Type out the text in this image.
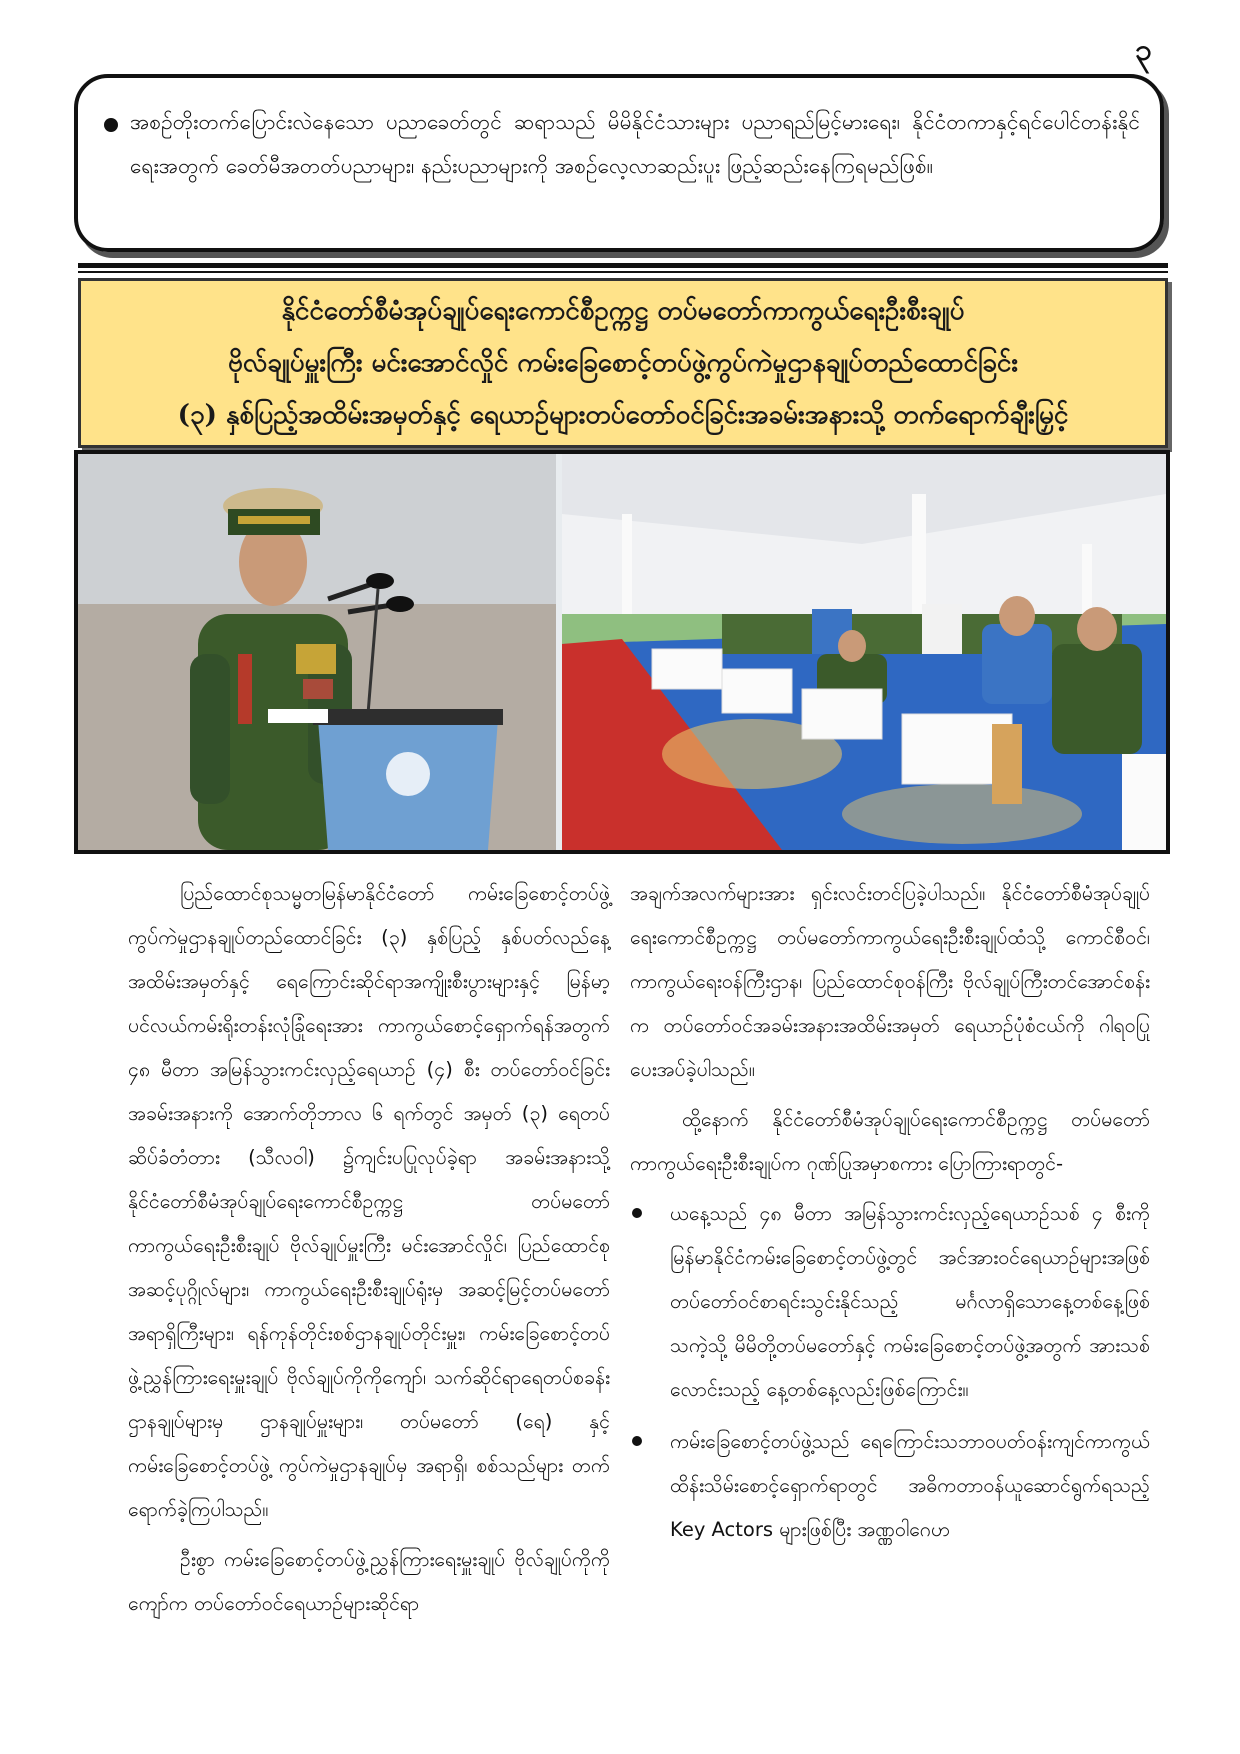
၃
အစဉ်တိုးတက်ပြောင်းလဲနေသော ပညာခေတ်တွင် ဆရာသည် မိမိနိုင်ငံသားများ ပညာရည်မြင့်မားရေး၊ နိုင်ငံတကာနှင့်ရင်ပေါင်တန်းနိုင်ရေးအတွက် ခေတ်မီအတတ်ပညာများ၊ နည်းပညာများကို အစဉ်လေ့လာဆည်းပူး ဖြည့်ဆည်းနေကြရမည်ဖြစ်။
နိုင်ငံတော်စီမံအုပ်ချုပ်ရေးကောင်စီဥက္ကဋ္ဌ တပ်မတော်ကာကွယ်ရေးဦးစီးချုပ်
ဗိုလ်ချုပ်မှူးကြီး မင်းအောင်လှိုင် ကမ်းခြေစောင့်တပ်ဖွဲ့ကွပ်ကဲမှုဌာနချုပ်တည်ထောင်ခြင်း
(၃) နှစ်ပြည့်အထိမ်းအမှတ်နှင့် ရေယာဉ်များတပ်တော်ဝင်ခြင်းအခမ်းအနားသို့ တက်ရောက်ချီးမြှင့်

ပြည်ထောင်စုသမ္မတမြန်မာနိုင်ငံတော် ကမ်းခြေစောင့်တပ်ဖွဲ့ကွပ်ကဲမှုဌာနချုပ်တည်ထောင်ခြင်း (၃) နှစ်ပြည့် နှစ်ပတ်လည်နေ့အထိမ်းအမှတ်နှင့် ရေကြောင်းဆိုင်ရာအကျိုးစီးပွားများနှင့် မြန်မာ့ပင်လယ်ကမ်းရိုးတန်းလုံခြုံရေးအား ကာကွယ်စောင့်ရှောက်ရန်အတွက် ၄၈ မီတာ အမြန်သွားကင်းလှည့်ရေယာဉ် (၄) စီး တပ်တော်ဝင်ခြင်းအခမ်းအနားကို အောက်တိုဘာလ ၆ ရက်တွင် အမှတ် (၃) ရေတပ်ဆိပ်ခံတံတား (သီလဝါ) ၌ကျင်းပပြုလုပ်ခဲ့ရာ အခမ်းအနားသို့ နိုင်ငံတော်စီမံအုပ်ချုပ်ရေးကောင်စီဥက္ကဋ္ဌ တပ်မတော်ကာကွယ်ရေးဦးစီးချုပ် ဗိုလ်ချုပ်မှူးကြီး မင်းအောင်လှိုင်၊ ပြည်ထောင်စုအဆင့်ပုဂ္ဂိုလ်များ၊ ကာကွယ်ရေးဦးစီးချုပ်ရုံးမှ အဆင့်မြင့်တပ်မတော်အရာရှိကြီးများ၊ ရန်ကုန်တိုင်းစစ်ဌာနချုပ်တိုင်းမှူး၊ ကမ်းခြေစောင့်တပ်ဖွဲ့ညွှန်ကြားရေးမှူးချုပ် ဗိုလ်ချုပ်ကိုကိုကျော်၊ သက်ဆိုင်ရာရေတပ်စခန်းဌာနချုပ်များမှ ဌာနချုပ်မှူးများ၊ တပ်မတော် (ရေ) နှင့် ကမ်းခြေစောင့်တပ်ဖွဲ့ ကွပ်ကဲမှုဌာနချုပ်မှ အရာရှိ၊ စစ်သည်များ တက်ရောက်ခဲ့ကြပါသည်။

ဦးစွာ ကမ်းခြေစောင့်တပ်ဖွဲ့ညွှန်ကြားရေးမှူးချုပ် ဗိုလ်ချုပ်ကိုကိုကျော်က တပ်တော်ဝင်ရေယာဉ်များဆိုင်ရာ

အချက်အလက်များအား ရှင်းလင်းတင်ပြခဲ့ပါသည်။ နိုင်ငံတော်စီမံအုပ်ချုပ်ရေးကောင်စီဥက္ကဋ္ဌ တပ်မတော်ကာကွယ်ရေးဦးစီးချုပ်ထံသို့ ကောင်စီဝင်၊ ကာကွယ်ရေးဝန်ကြီးဌာန၊ ပြည်ထောင်စုဝန်ကြီး ဗိုလ်ချုပ်ကြီးတင်အောင်စန်းက တပ်တော်ဝင်အခမ်းအနားအထိမ်းအမှတ် ရေယာဉ်ပုံစံငယ်ကို ဂါရဝပြုပေးအပ်ခဲ့ပါသည်။

ထို့နောက် နိုင်ငံတော်စီမံအုပ်ချုပ်ရေးကောင်စီဥက္ကဋ္ဌ တပ်မတော်ကာကွယ်ရေးဦးစီးချုပ်က ဂုဏ်ပြုအမှာစကား ပြောကြားရာတွင်-

ယနေ့သည် ၄၈ မီတာ အမြန်သွားကင်းလှည့်ရေယာဉ်သစ် ၄ စီးကို မြန်မာနိုင်ငံကမ်းခြေစောင့်တပ်ဖွဲ့တွင် အင်အားဝင်ရေယာဉ်များအဖြစ် တပ်တော်ဝင်စာရင်းသွင်းနိုင်သည့် မင်္ဂလာရှိသောနေ့တစ်နေ့ဖြစ်သကဲ့သို့ မိမိတို့တပ်မတော်နှင့် ကမ်းခြေစောင့်တပ်ဖွဲ့အတွက် အားသစ်လောင်းသည့် နေ့တစ်နေ့လည်းဖြစ်ကြောင်း။
ကမ်းခြေစောင့်တပ်ဖွဲ့သည် ရေကြောင်းသဘာဝပတ်ဝန်းကျင်ကာကွယ်ထိန်းသိမ်းစောင့်ရှောက်ရာတွင် အဓိကတာဝန်ယူဆောင်ရွက်ရသည့် Key Actors များဖြစ်ပြီး အဏ္ဏဝါဂေဟ
